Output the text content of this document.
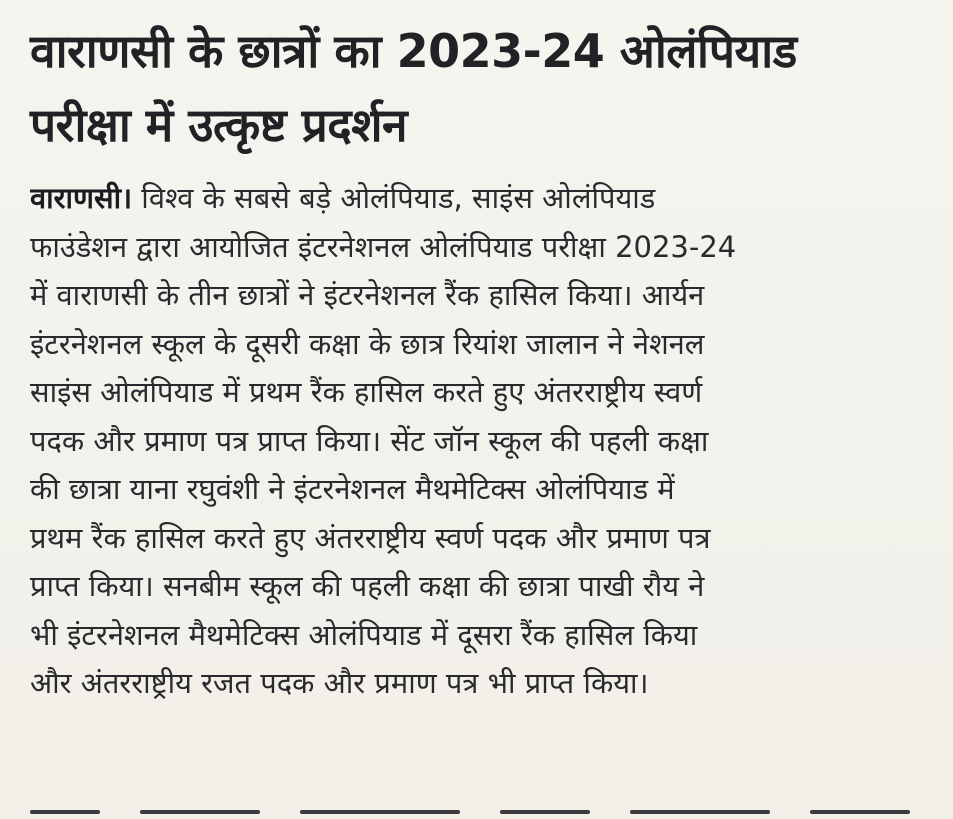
वाराणसी के छात्रों का 2023-24 ओलंपियाड
परीक्षा में उत्कृष्ट प्रदर्शन
वाराणसी। विश्व के सबसे बड़े ओलंपियाड, साइंस ओलंपियाड
फाउंडेशन द्वारा आयोजित इंटरनेशनल ओलंपियाड परीक्षा 2023-24
में वाराणसी के तीन छात्रों ने इंटरनेशनल रैंक हासिल किया। आर्यन
इंटरनेशनल स्कूल के दूसरी कक्षा के छात्र रियांश जालान ने नेशनल
साइंस ओलंपियाड में प्रथम रैंक हासिल करते हुए अंतरराष्ट्रीय स्वर्ण
पदक और प्रमाण पत्र प्राप्त किया। सेंट जॉन स्कूल की पहली कक्षा
की छात्रा याना रघुवंशी ने इंटरनेशनल मैथमेटिक्स ओलंपियाड में
प्रथम रैंक हासिल करते हुए अंतरराष्ट्रीय स्वर्ण पदक और प्रमाण पत्र
प्राप्त किया। सनबीम स्कूल की पहली कक्षा की छात्रा पाखी रौय ने
भी इंटरनेशनल मैथमेटिक्स ओलंपियाड में दूसरा रैंक हासिल किया
और अंतरराष्ट्रीय रजत पदक और प्रमाण पत्र भी प्राप्त किया।
